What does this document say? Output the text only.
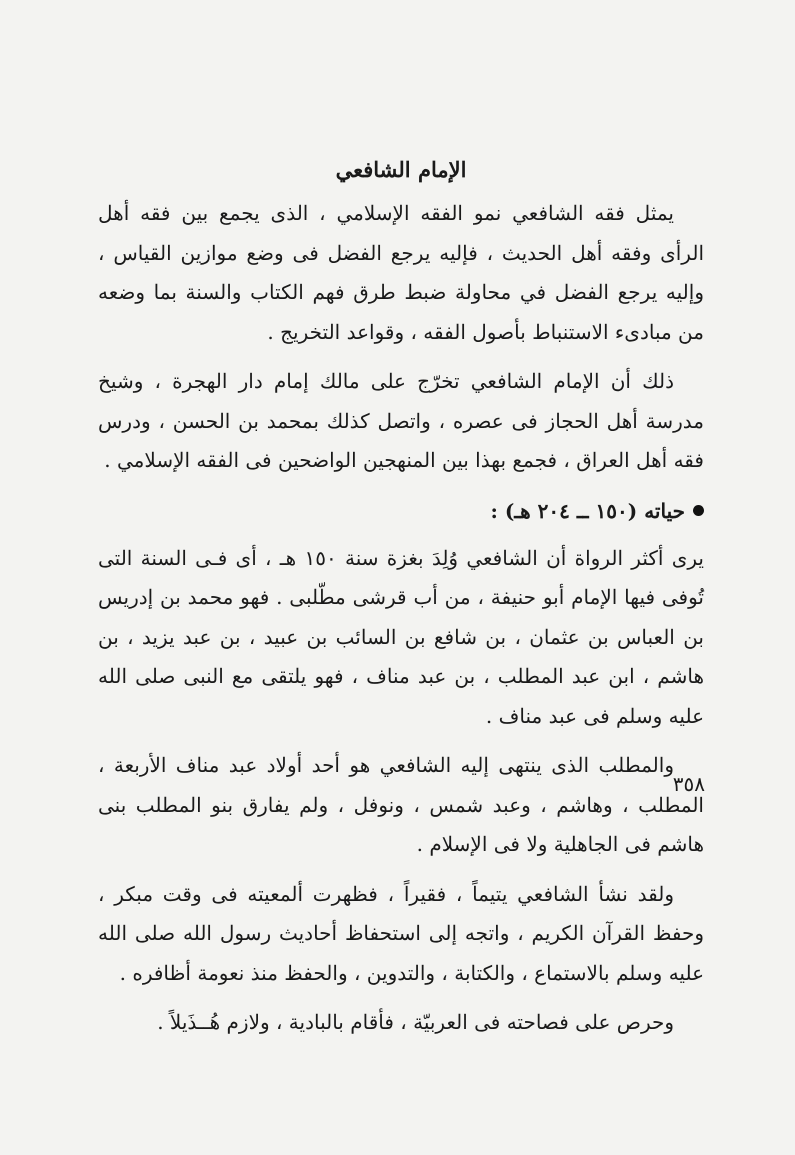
الإمام الشافعي

يمثل فقه الشافعي نمو الفقه الإسلامي ، الذى يجمع بين فقه أهل الرأى وفقه أهل الحديث ، فإليه يرجع الفضل فى وضع موازين القياس ، وإليه يرجع الفضل في محاولة ضبط طرق فهم الكتاب والسنة بما وضعه من مبادىء الاستنباط بأصول الفقه ، وقواعد التخريج .

ذلك أن الإمام الشافعي تخرّج على مالك إمام دار الهجرة ، وشيخ مدرسة أهل الحجاز فى عصره ، واتصل كذلك بمحمد بن الحسن ، ودرس فقه أهل العراق ، فجمع بهذا بين المنهجين الواضحين فى الفقه الإسلامي .

حياته (١٥٠ ــ ٢٠٤ هـ) :

يرى أكثر الرواة أن الشافعي وُلِدَ بغزة سنة ١٥٠ هـ ، أى فـى السنة التى تُوفى فيها الإمام أبو حنيفة ، من أب قرشى مطّلبى . فهو محمد بن إدريس بن العباس بن عثمان ، بن شافع بن السائب بن عبيد ، بن عبد يزيد ، بن هاشم ، ابن عبد المطلب ، بن عبد مناف ، فهو يلتقى مع النبى صلى الله عليه وسلم فى عبد مناف .

والمطلب الذى ينتهى إليه الشافعي هو أحد أولاد عبد مناف الأربعة ، المطلب ، وهاشم ، وعبد شمس ، ونوفل ، ولم يفارق بنو المطلب بنى هاشم فى الجاهلية ولا فى الإسلام .

ولقد نشأ الشافعي يتيماً ، فقيراً ، فظهرت ألمعيته فى وقت مبكر ، وحفظ القرآن الكريم ، واتجه إلى استحفاظ أحاديث رسول الله صلى الله عليه وسلم بالاستماع ، والكتابة ، والتدوين ، والحفظ منذ نعومة أظافره .

وحرص على فصاحته فى العربيّة ، فأقام بالبادية ، ولازم هُــذَيلاً .

٣٥٨
